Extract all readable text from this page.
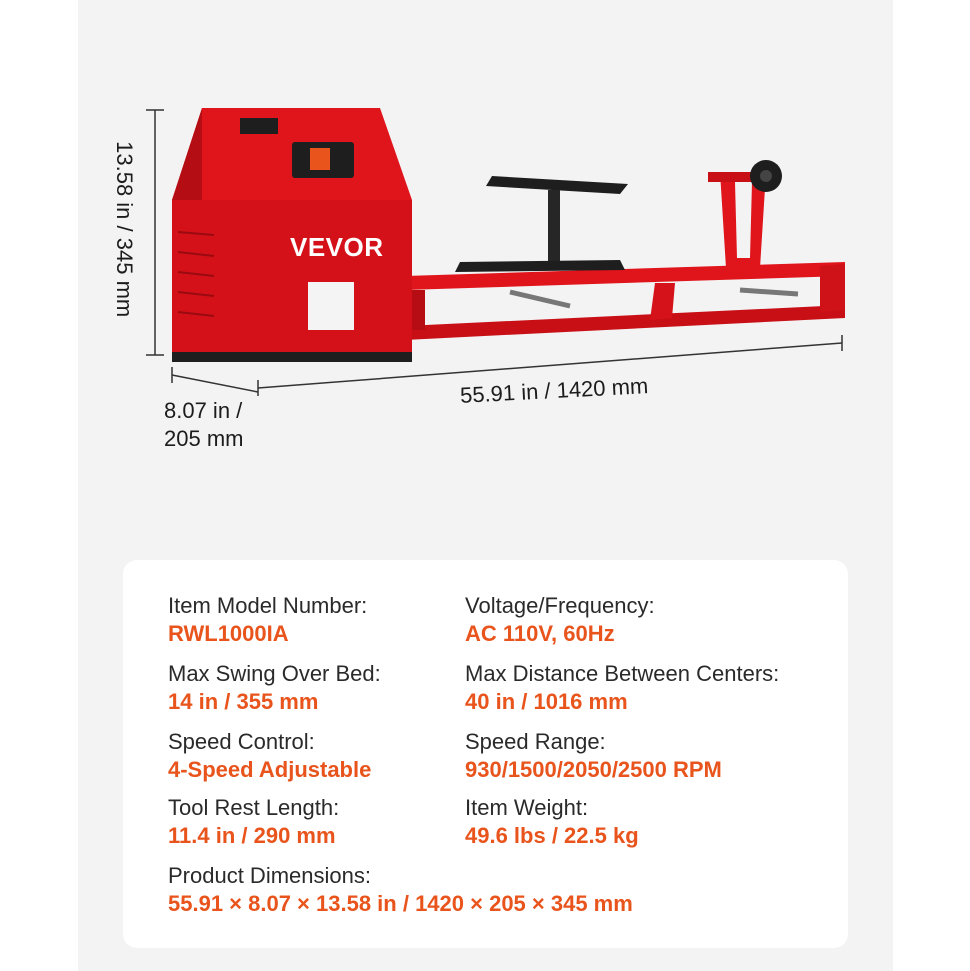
VEVOR
13.58 in / 345 mm
55.91 in / 1420 mm
8.07 in /
205 mm
Item Model Number:
RWL1000IA
Voltage/Frequency:
AC 110V, 60Hz
Max Swing Over Bed:
14 in / 355 mm
Max Distance Between Centers:
40 in / 1016 mm
Speed Control:
4-Speed Adjustable
Speed Range:
930/1500/2050/2500 RPM
Tool Rest Length:
11.4 in / 290 mm
Item Weight:
49.6 lbs / 22.5 kg
Product Dimensions:
55.91 × 8.07 × 13.58 in / 1420 × 205 × 345 mm
